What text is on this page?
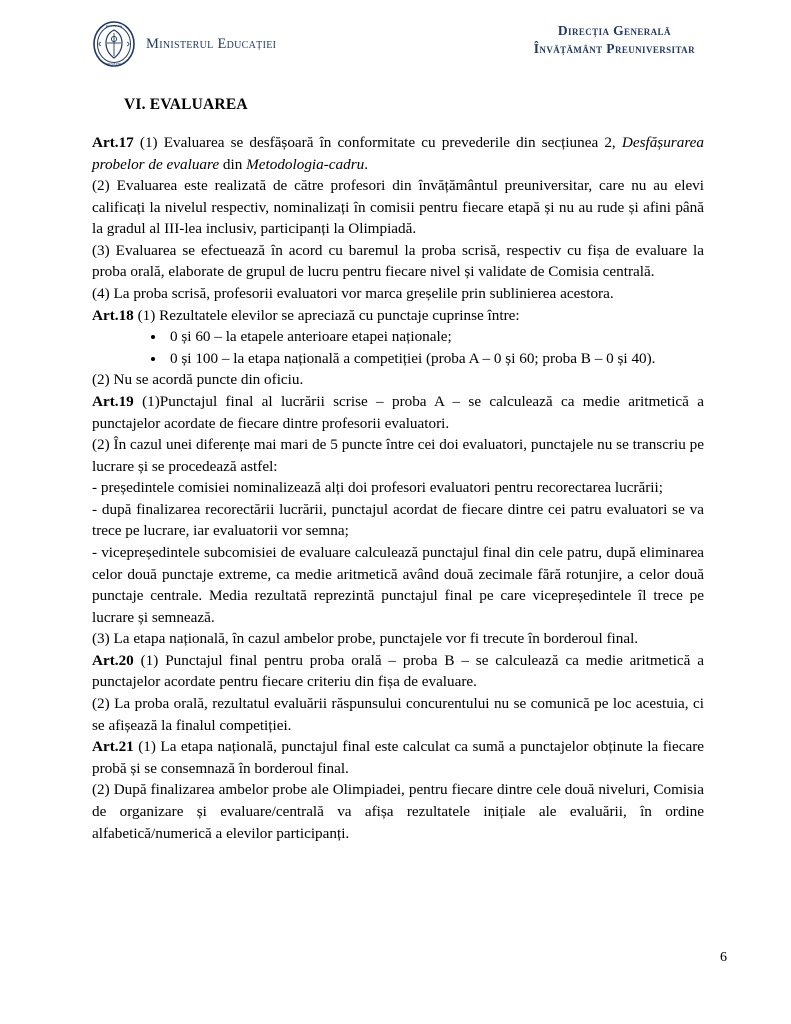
ROMÂNIA
MINISTER
Ministerul Educației
Direcția Generală
Învățământ Preuniversitar
VI. EVALUAREA

Art.17 (1) Evaluarea se desfășoară în conformitate cu prevederile din secțiunea 2, Desfășurarea probelor de evaluare din Metodologia-cadru.

(2) Evaluarea este realizată de către profesori din învățământul preuniversitar, care nu au elevi calificați la nivelul respectiv, nominalizați în comisii pentru fiecare etapă și nu au rude și afini până la gradul al III-lea inclusiv, participanți la Olimpiadă.

(3) Evaluarea se efectuează în acord cu baremul la proba scrisă, respectiv cu fișa de evaluare la proba orală, elaborate de grupul de lucru pentru fiecare nivel și validate de Comisia centrală.

(4) La proba scrisă, profesorii evaluatori vor marca greșelile prin sublinierea acestora.

Art.18 (1) Rezultatele elevilor se apreciază cu punctaje cuprinse între:

• 0 și 60 – la etapele anterioare etapei naționale;
• 0 și 100 – la etapa națională a competiției (proba A – 0 și 60; proba B – 0 și 40).

(2) Nu se acordă puncte din oficiu.

Art.19 (1)Punctajul final al lucrării scrise – proba A – se calculează ca medie aritmetică a punctajelor acordate de fiecare dintre profesorii evaluatori.

(2) În cazul unei diferențe mai mari de 5 puncte între cei doi evaluatori, punctajele nu se transcriu pe lucrare și se procedează astfel:

- președintele comisiei nominalizează alți doi profesori evaluatori pentru recorectarea lucrării;

- după finalizarea recorectării lucrării, punctajul acordat de fiecare dintre cei patru evaluatori se va trece pe lucrare, iar evaluatorii vor semna;

- vicepreședintele subcomisiei de evaluare calculează punctajul final din cele patru, după eliminarea celor două punctaje extreme, ca medie aritmetică având două zecimale fără rotunjire, a celor două punctaje centrale. Media rezultată reprezintă punctajul final pe care vicepreședintele îl trece pe lucrare și semnează.

(3) La etapa națională, în cazul ambelor probe, punctajele vor fi trecute în borderoul final.

Art.20 (1) Punctajul final pentru proba orală – proba B – se calculează ca medie aritmetică a punctajelor acordate pentru fiecare criteriu din fișa de evaluare.

(2) La proba orală, rezultatul evaluării răspunsului concurentului nu se comunică pe loc acestuia, ci se afișează la finalul competiției.

Art.21 (1) La etapa națională, punctajul final este calculat ca sumă a punctajelor obținute la fiecare probă și se consemnază în borderoul final.

(2) După finalizarea ambelor probe ale Olimpiadei, pentru fiecare dintre cele două niveluri, Comisia de organizare și evaluare/centrală va afișa rezultatele inițiale ale evaluării, în ordine alfabetică/numerică a elevilor participanți.

6
